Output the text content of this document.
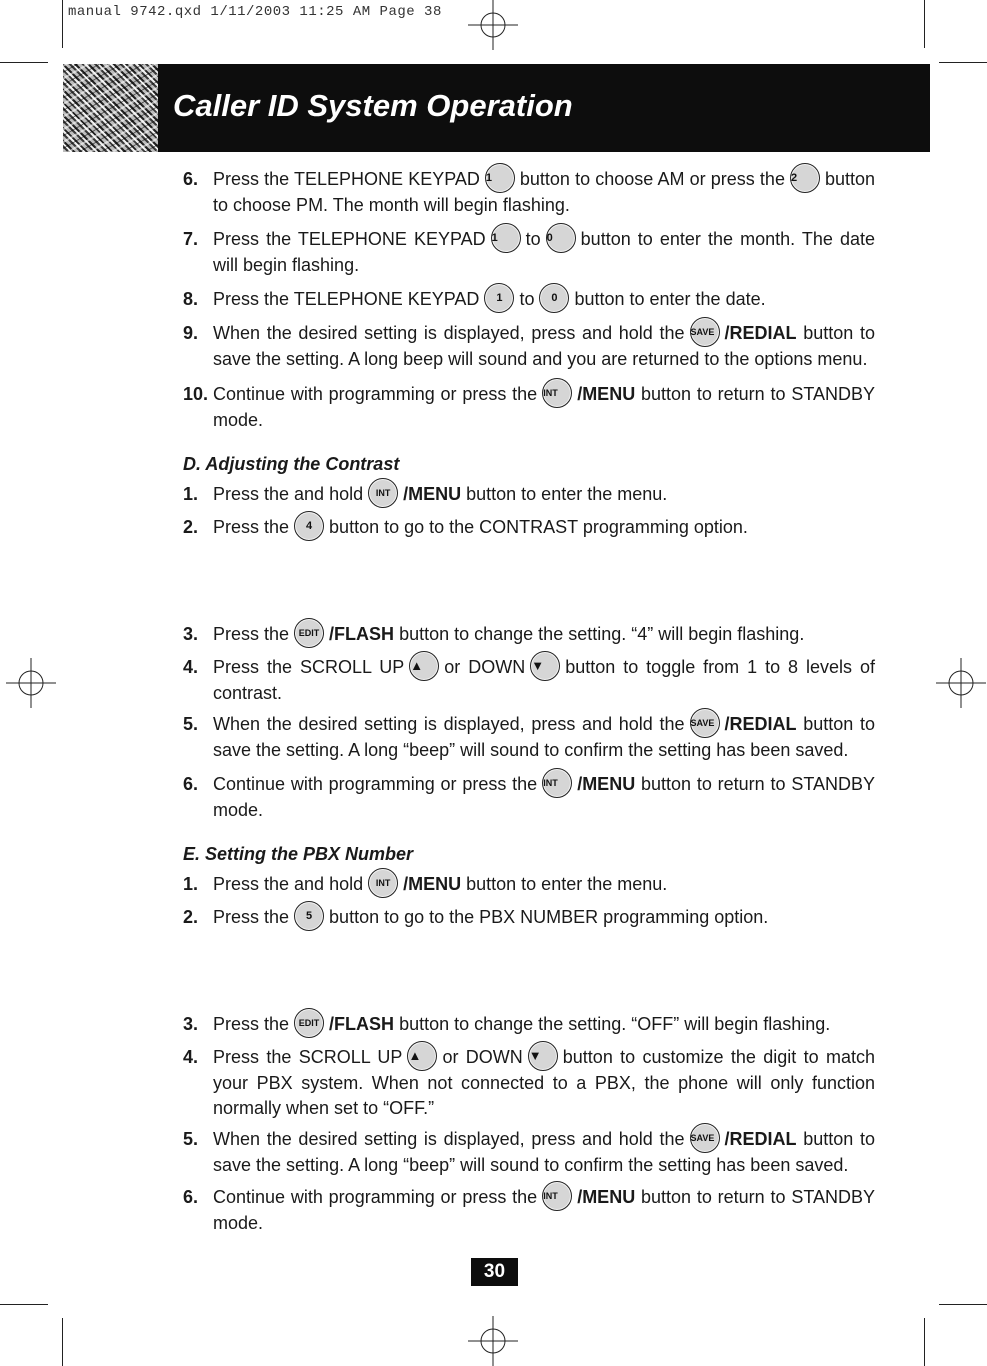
manual 9742.qxd 1/11/2003 11:25 AM Page 38
Caller ID System Operation
6. Press the TELEPHONE KEYPAD 1 button to choose AM or press the 2 button to choose PM. The month will begin flashing.
7. Press the TELEPHONE KEYPAD 1 to 0 button to enter the month. The date will begin flashing.
8. Press the TELEPHONE KEYPAD 1 to 0 button to enter the date.
9. When the desired setting is displayed, press and hold the SAVE /REDIAL button to save the setting. A long beep will sound and you are returned to the options menu.
10. Continue with programming or press the INT /MENU button to return to STANDBY mode.
D. Adjusting the Contrast
1. Press the and hold INT /MENU button to enter the menu.
2. Press the 4 button to go to the CONTRAST programming option.
3. Press the EDIT /FLASH button to change the setting. “4” will begin flashing.
4. Press the SCROLL UP ▲ or DOWN ▼ button to toggle from 1 to 8 levels of contrast.
5. When the desired setting is displayed, press and hold the SAVE /REDIAL button to save the setting. A long “beep” will sound to confirm the setting has been saved.
6. Continue with programming or press the INT /MENU button to return to STANDBY mode.
E. Setting the PBX Number
1. Press the and hold INT /MENU button to enter the menu.
2. Press the 5 button to go to the PBX NUMBER programming option.
3. Press the EDIT /FLASH button to change the setting. “OFF” will begin flashing.
4. Press the SCROLL UP ▲ or DOWN ▼ button to customize the digit to match your PBX system. When not connected to a PBX, the phone will only function normally when set to “OFF.”
5. When the desired setting is displayed, press and hold the SAVE /REDIAL button to save the setting. A long “beep” will sound to confirm the setting has been saved.
6. Continue with programming or press the INT /MENU button to return to STANDBY mode.
30
